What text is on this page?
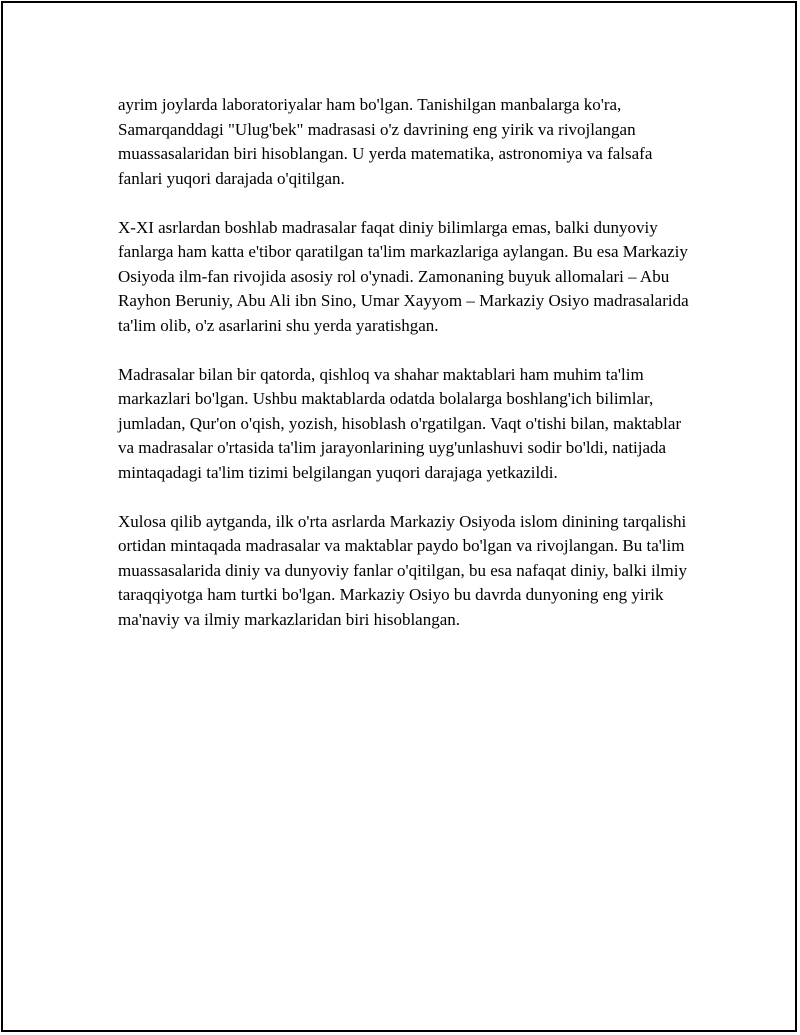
ayrim joylarda laboratoriyalar ham bo'lgan. Tanishilgan manbalarga ko'ra, Samarqanddagi "Ulug'bek" madrasasi o'z davrining eng yirik va rivojlangan muassasalaridan biri hisoblangan. U yerda matematika, astronomiya va falsafa fanlari yuqori darajada o'qitilgan.

X-XI asrlardan boshlab madrasalar faqat diniy bilimlarga emas, balki dunyoviy fanlarga ham katta e'tibor qaratilgan ta'lim markazlariga aylangan. Bu esa Markaziy Osiyoda ilm-fan rivojida asosiy rol o'ynadi. Zamonaning buyuk allomalari – Abu Rayhon Beruniy, Abu Ali ibn Sino, Umar Xayyom – Markaziy Osiyo madrasalarida ta'lim olib, o'z asarlarini shu yerda yaratishgan.

Madrasalar bilan bir qatorda, qishloq va shahar maktablari ham muhim ta'lim markazlari bo'lgan. Ushbu maktablarda odatda bolalarga boshlang'ich bilimlar, jumladan, Qur'on o'qish, yozish, hisoblash o'rgatilgan. Vaqt o'tishi bilan, maktablar va madrasalar o'rtasida ta'lim jarayonlarining uyg'unlashuvi sodir bo'ldi, natijada mintaqadagi ta'lim tizimi belgilangan yuqori darajaga yetkazildi.

Xulosa qilib aytganda, ilk o'rta asrlarda Markaziy Osiyoda islom dinining tarqalishi ortidan mintaqada madrasalar va maktablar paydo bo'lgan va rivojlangan. Bu ta'lim muassasalarida diniy va dunyoviy fanlar o'qitilgan, bu esa nafaqat diniy, balki ilmiy taraqqiyotga ham turtki bo'lgan. Markaziy Osiyo bu davrda dunyoning eng yirik ma'naviy va ilmiy markazlaridan biri hisoblangan.
